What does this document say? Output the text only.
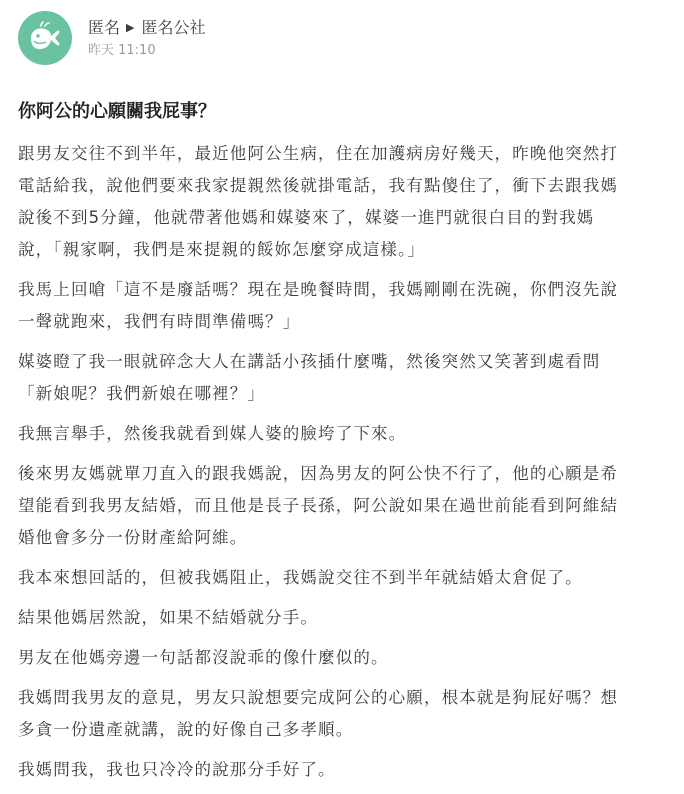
匿名 ▶ 匿名公社
昨天 11:10
你阿公的心願關我屁事？

跟男友交往不到半年，最近他阿公生病，住在加護病房好幾天，昨晚他突然打
電話給我，說他們要來我家提親然後就掛電話，我有點傻住了，衝下去跟我媽
說後不到5分鐘，他就帶著他媽和媒婆來了，媒婆一進門就很白目的對我媽
說，「親家啊，我們是來提親的餒妳怎麼穿成這樣。」

我馬上回嗆「這不是廢話嗎？現在是晚餐時間，我媽剛剛在洗碗，你們沒先說
一聲就跑來，我們有時間準備嗎？」

媒婆瞪了我一眼就碎念大人在講話小孩插什麼嘴，然後突然又笑著到處看問
「新娘呢？我們新娘在哪裡？」

我無言舉手，然後我就看到媒人婆的臉垮了下來。

後來男友媽就單刀直入的跟我媽說，因為男友的阿公快不行了，他的心願是希
望能看到我男友結婚，而且他是長子長孫，阿公說如果在過世前能看到阿維結
婚他會多分一份財產給阿維。

我本來想回話的，但被我媽阻止，我媽說交往不到半年就結婚太倉促了。

結果他媽居然說，如果不結婚就分手。

男友在他媽旁邊一句話都沒說乖的像什麼似的。

我媽問我男友的意見，男友只說想要完成阿公的心願，根本就是狗屁好嗎？想
多貪一份遺產就講，說的好像自己多孝順。

我媽問我，我也只冷冷的說那分手好了。
